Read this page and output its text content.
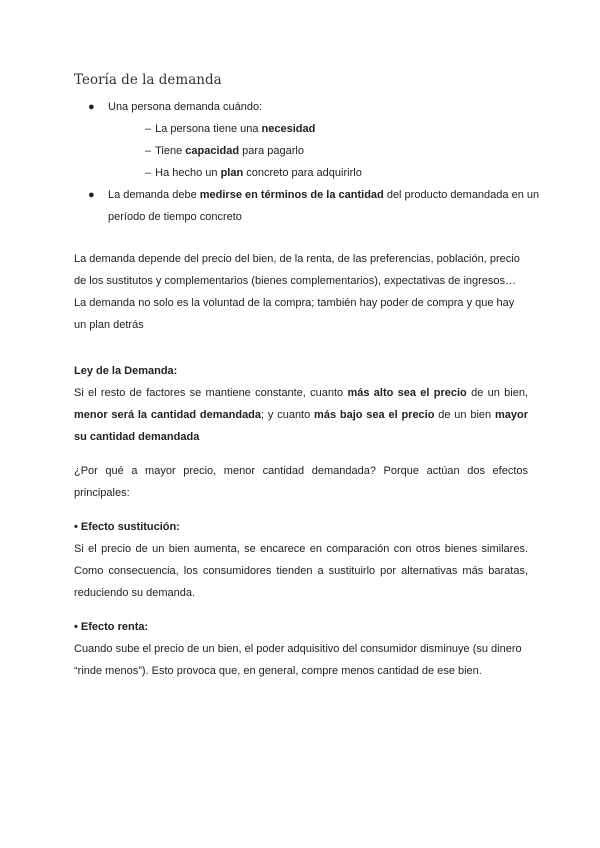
Teoría de la demanda
● Una persona demanda cuándo:
– La persona tiene una necesidad
– Tiene capacidad para pagarlo
– Ha hecho un plan concreto para adquirirlo
● La demanda debe medirse en términos de la cantidad del producto demandada en un período de tiempo concreto
La demanda depende del precio del bien, de la renta, de las preferencias, población, precio de los sustitutos y complementarios (bienes complementarios), expectativas de ingresos…
La demanda no solo es la voluntad de la compra; también hay poder de compra y que hay un plan detrás
Ley de la Demanda:
Si el resto de factores se mantiene constante, cuanto más alto sea el precio de un bien, menor será la cantidad demandada; y cuanto más bajo sea el precio de un bien mayor su cantidad demandada
¿Por qué a mayor precio, menor cantidad demandada? Porque actúan dos efectos principales:
• Efecto sustitución:
Si el precio de un bien aumenta, se encarece en comparación con otros bienes similares. Como consecuencia, los consumidores tienden a sustituirlo por alternativas más baratas, reduciendo su demanda.
• Efecto renta:
Cuando sube el precio de un bien, el poder adquisitivo del consumidor disminuye (su dinero “rinde menos”). Esto provoca que, en general, compre menos cantidad de ese bien.
